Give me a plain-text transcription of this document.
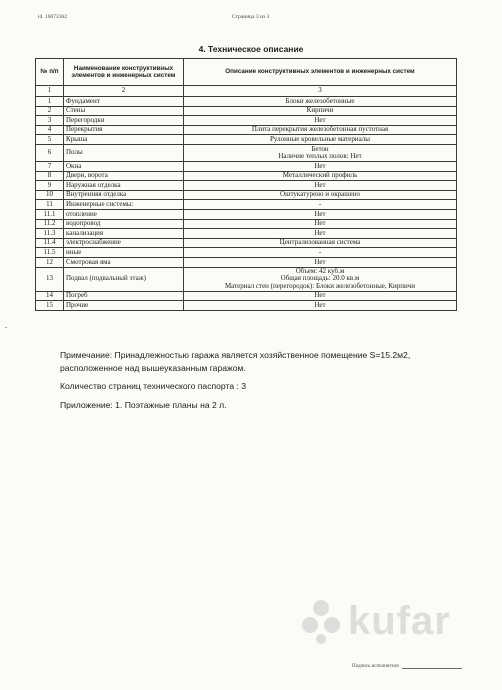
id. 10072362	Страница 3 из 3
-
4. Техническое описание
№ п/п	Наименование конструктивных элементов и инженерных систем	Описание конструктивных элементов и инженерных систем
1	2	3
1	Фундамент	Блоки железобетонные

2	Стены	Кирпичи

3	Перегородки	Нет

4	Перекрытия	Плита перекрытия железобетонная пустотная

5	Крыша	Рулонные кровельные материалы

6	Полы	Бетон
Наличие теплых полов: Нет

7	Окна	Нет

8	Двери, ворота	Металлический профиль

9	Наружная отделка	Нет

10	Внутренняя отделка	Оштукатурено и окрашено

11	Инженерные системы:	-

11.1	отопление	Нет

11.2	водопровод	Нет

11.3	канализация	Нет

11.4	электроснабжение	Централизованная система

11.5	иные	-

12	Смотровая яма	Нет

13	Подвал (подвальный этаж)	Объем: 42 куб.м
Общая площадь: 20.0 кв.м
Материал стен (перегородок): Блоки железобетонные, Кирпичи

14	Погреб	Нет

15	Прочие	Нет

Примечание: Принадлежностью гаража является хозяйственное помещение S=15.2м2,

расположенное над вышеуказанным гаражом.

Количество страниц технического паспорта : 3

Приложение: 1. Поэтажные планы на 2 л.

kufar
Подпись исполнителя
